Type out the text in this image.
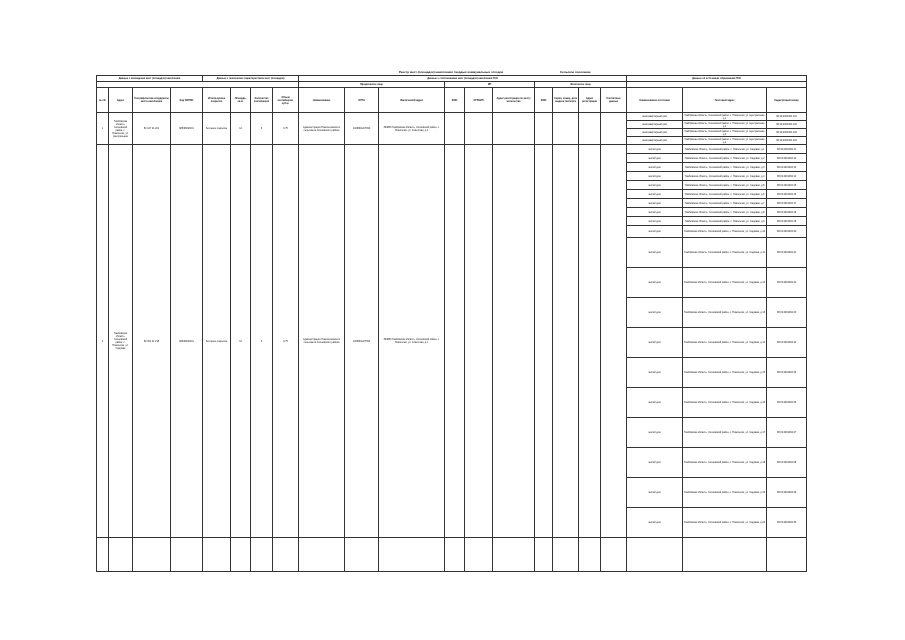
Реестр мест (площадок) накопления твердых коммунальных отходов	Сельское поселение
Данные о нахождении мест (площадок) накопления				Данные о технических характеристиках мест (площадок)				Данные о собственниках мест (площадок) накопления ТКО										Данные об источниках образования ТКО		
								Юридическое лицо			ИП			Физическое лицо						
№ п/п	Адрес	Географические координаты места накопления	Код ОКТМО	Используемое покрытие	Площадь, кв.м.	Количество контейнеров	Объем контейнеров, куб.м.	Наименование	ОГРН	Фактический адрес	ФИО	ОГРНИП	Адрес регистрации по месту жительства	ФИО	Серия, номер, дата выдачи паспорта	Адрес регистрации	Контактные данные	Наименование источника	Почтовый адрес	Кадастровый номер
1	Тамбовская область, Сосновский район, с. Новоселки, ул. Центральная	52.447 41.221	68638448101	бетонное покрытие	12	3	0.75	Администрация Новоселковского сельсовета Сосновского района	1026801227390	393850 Тамбовская область, Сосновский район, с. Новоселки, ул. Советская, д.1								многоквартирный дом	Тамбовская область, Сосновский район, с. Новоселки, ул. Центральная, д.1	68:19:2001001:101
																		многоквартирный дом	Тамбовская область, Сосновский район, с. Новоселки, ул. Центральная, д.2	68:19:2001001:102
																		многоквартирный дом	Тамбовская область, Сосновский район, с. Новоселки, ул. Центральная, д.3	68:19:2001001:103
																		многоквартирный дом	Тамбовская область, Сосновский район, с. Новоселки, ул. Центральная, д.4	68:19:2001001:104
2	Тамбовская область, Сосновский район, с. Новоселки, ул. Садовая	52.451 41.218	68638448101	бетонное покрытие	12	3	0.75	Администрация Новоселковского сельсовета Сосновского района	1026801227390	393850 Тамбовская область, Сосновский район, с. Новоселки, ул. Советская, д.1								жилой дом	Тамбовская область, Сосновский район, с. Новоселки, ул. Садовая, д.1	68:19:2001002:11
																		жилой дом	Тамбовская область, Сосновский район, с. Новоселки, ул. Садовая, д.2	68:19:2001002:12
																		жилой дом	Тамбовская область, Сосновский район, с. Новоселки, ул. Садовая, д.3	68:19:2001002:13
																		жилой дом	Тамбовская область, Сосновский район, с. Новоселки, ул. Садовая, д.4	68:19:2001002:14
																		жилой дом	Тамбовская область, Сосновский район, с. Новоселки, ул. Садовая, д.5	68:19:2001002:15
																		жилой дом	Тамбовская область, Сосновский район, с. Новоселки, ул. Садовая, д.6	68:19:2001002:16
																		жилой дом	Тамбовская область, Сосновский район, с. Новоселки, ул. Садовая, д.7	68:19:2001002:17
																		жилой дом	Тамбовская область, Сосновский район, с. Новоселки, ул. Садовая, д.8	68:19:2001002:18
																		жилой дом	Тамбовская область, Сосновский район, с. Новоселки, ул. Садовая, д.9	68:19:2001002:19
																		жилой дом	Тамбовская область, Сосновский район, с. Новоселки, ул. Садовая, д.10	68:19:2001002:20
																		жилой дом	Тамбовская область, Сосновский район, с. Новоселки, ул. Садовая, д.11	68:19:2001002:21
																		жилой дом	Тамбовская область, Сосновский район, с. Новоселки, ул. Садовая, д.12	68:19:2001002:22
																		жилой дом	Тамбовская область, Сосновский район, с. Новоселки, ул. Садовая, д.13	68:19:2001002:23
																		жилой дом	Тамбовская область, Сосновский район, с. Новоселки, ул. Садовая, д.14	68:19:2001002:24
																		жилой дом	Тамбовская область, Сосновский район, с. Новоселки, ул. Садовая, д.15	68:19:2001002:25
																		жилой дом	Тамбовская область, Сосновский район, с. Новоселки, ул. Садовая, д.16	68:19:2001002:26
																		жилой дом	Тамбовская область, Сосновский район, с. Новоселки, ул. Садовая, д.17	68:19:2001002:27
																		жилой дом	Тамбовская область, Сосновский район, с. Новоселки, ул. Садовая, д.18	68:19:2001002:28
																		жилой дом	Тамбовская область, Сосновский район, с. Новоселки, ул. Садовая, д.19	68:19:2001002:29
																		жилой дом	Тамбовская область, Сосновский район, с. Новоселки, ул. Садовая, д.20	68:19:2001002:30
